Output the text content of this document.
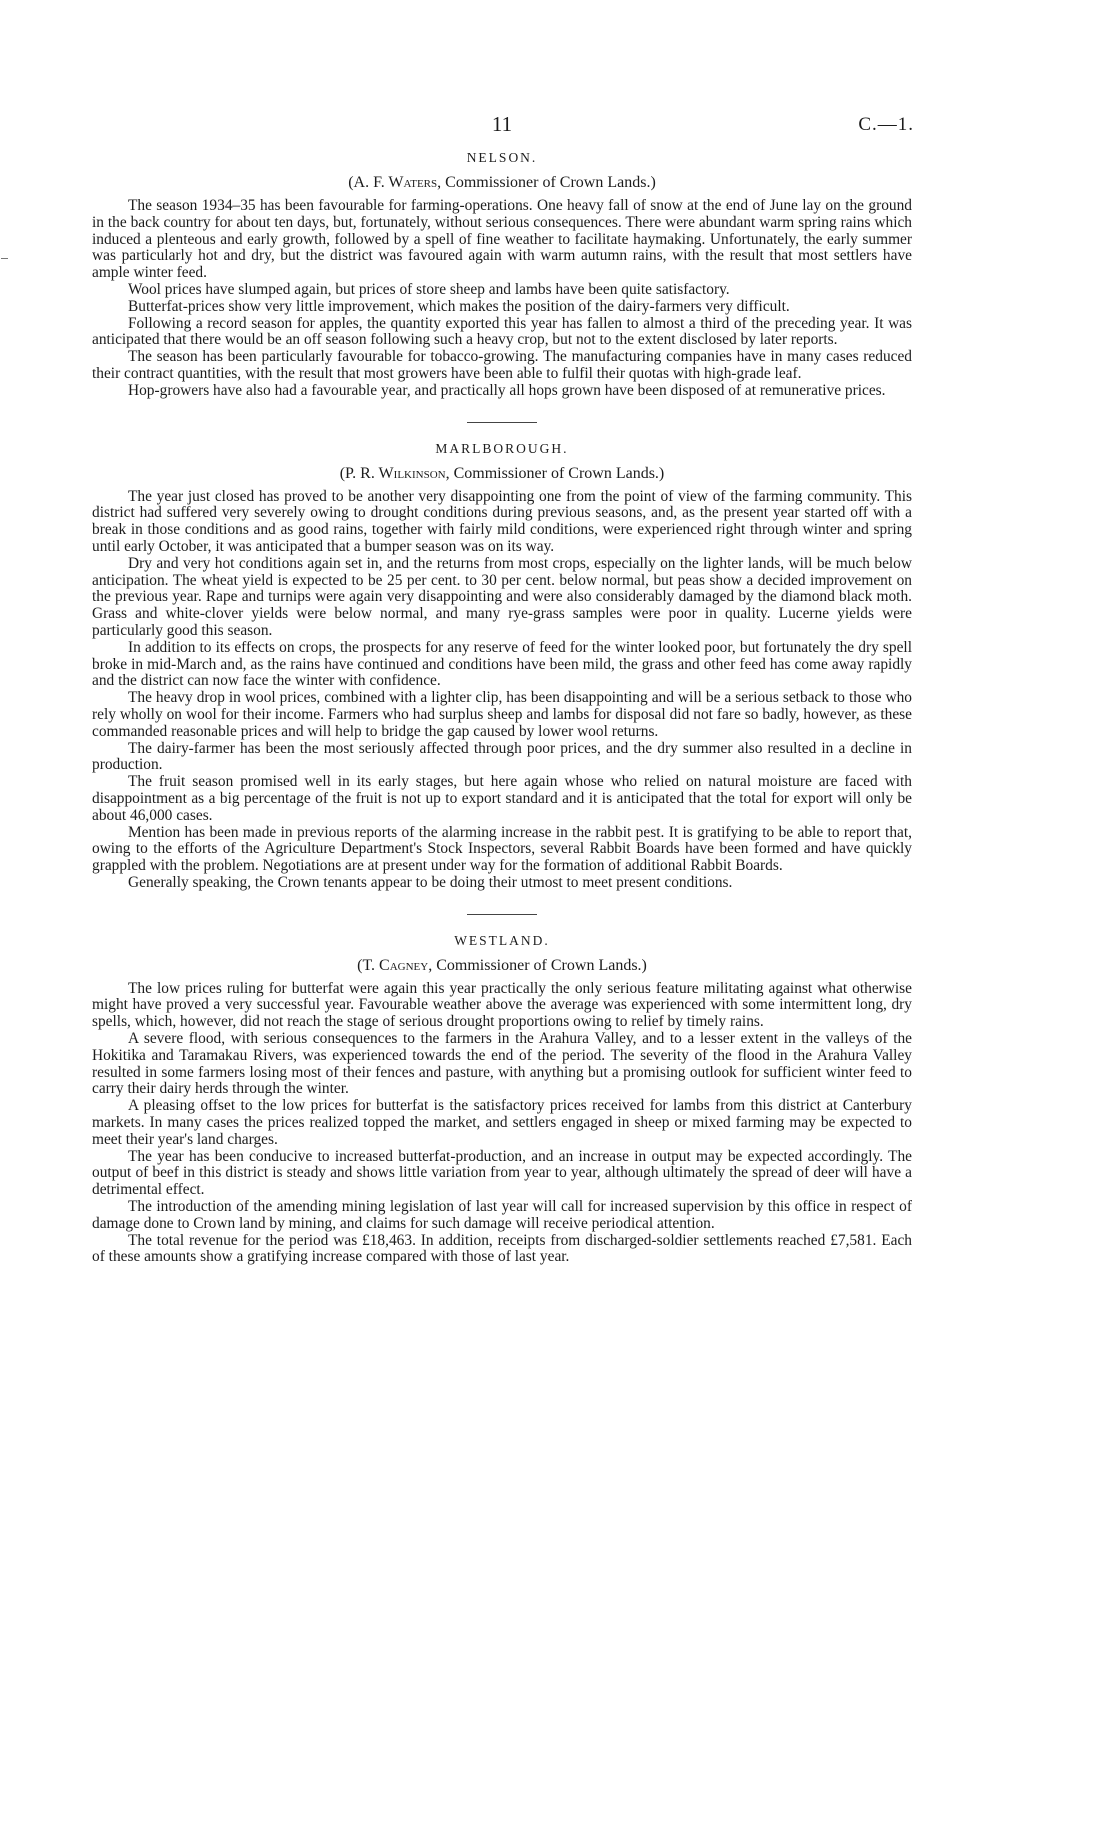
11	C.—1.
NELSON.
(A. F. Waters, Commissioner of Crown Lands.)

The season 1934–35 has been favourable for farming-operations. One heavy fall of snow at the end of June lay on the ground in the back country for about ten days, but, fortunately, without serious consequences. There were abundant warm spring rains which induced a plenteous and early growth, followed by a spell of fine weather to facilitate haymaking. Unfortunately, the early summer was particularly hot and dry, but the district was favoured again with warm autumn rains, with the result that most settlers have ample winter feed.

Wool prices have slumped again, but prices of store sheep and lambs have been quite satisfactory.

Butterfat-prices show very little improvement, which makes the position of the dairy-farmers very difficult.

Following a record season for apples, the quantity exported this year has fallen to almost a third of the preceding year. It was anticipated that there would be an off season following such a heavy crop, but not to the extent disclosed by later reports.

The season has been particularly favourable for tobacco-growing. The manufacturing companies have in many cases reduced their contract quantities, with the result that most growers have been able to fulfil their quotas with high-grade leaf.

Hop-growers have also had a favourable year, and practically all hops grown have been disposed of at remunerative prices.

MARLBOROUGH.
(P. R. Wilkinson, Commissioner of Crown Lands.)

The year just closed has proved to be another very disappointing one from the point of view of the farming community. This district had suffered very severely owing to drought conditions during previous seasons, and, as the present year started off with a break in those conditions and as good rains, together with fairly mild conditions, were experienced right through winter and spring until early October, it was anticipated that a bumper season was on its way.

Dry and very hot conditions again set in, and the returns from most crops, especially on the lighter lands, will be much below anticipation. The wheat yield is expected to be 25 per cent. to 30 per cent. below normal, but peas show a decided improvement on the previous year. Rape and turnips were again very disappointing and were also considerably damaged by the diamond black moth. Grass and white-clover yields were below normal, and many rye-grass samples were poor in quality. Lucerne yields were particularly good this season.

In addition to its effects on crops, the prospects for any reserve of feed for the winter looked poor, but fortunately the dry spell broke in mid-March and, as the rains have continued and conditions have been mild, the grass and other feed has come away rapidly and the district can now face the winter with confidence.

The heavy drop in wool prices, combined with a lighter clip, has been disappointing and will be a serious setback to those who rely wholly on wool for their income. Farmers who had surplus sheep and lambs for disposal did not fare so badly, however, as these commanded reasonable prices and will help to bridge the gap caused by lower wool returns.

The dairy-farmer has been the most seriously affected through poor prices, and the dry summer also resulted in a decline in production.

The fruit season promised well in its early stages, but here again whose who relied on natural moisture are faced with disappointment as a big percentage of the fruit is not up to export standard and it is anticipated that the total for export will only be about 46,000 cases.

Mention has been made in previous reports of the alarming increase in the rabbit pest. It is gratifying to be able to report that, owing to the efforts of the Agriculture Department's Stock Inspectors, several Rabbit Boards have been formed and have quickly grappled with the problem. Negotiations are at present under way for the formation of additional Rabbit Boards.

Generally speaking, the Crown tenants appear to be doing their utmost to meet present conditions.

WESTLAND.
(T. Cagney, Commissioner of Crown Lands.)

The low prices ruling for butterfat were again this year practically the only serious feature militating against what otherwise might have proved a very successful year. Favourable weather above the average was experienced with some intermittent long, dry spells, which, however, did not reach the stage of serious drought proportions owing to relief by timely rains.

A severe flood, with serious consequences to the farmers in the Arahura Valley, and to a lesser extent in the valleys of the Hokitika and Taramakau Rivers, was experienced towards the end of the period. The severity of the flood in the Arahura Valley resulted in some farmers losing most of their fences and pasture, with anything but a promising outlook for sufficient winter feed to carry their dairy herds through the winter.

A pleasing offset to the low prices for butterfat is the satisfactory prices received for lambs from this district at Canterbury markets. In many cases the prices realized topped the market, and settlers engaged in sheep or mixed farming may be expected to meet their year's land charges.

The year has been conducive to increased butterfat-production, and an increase in output may be expected accordingly. The output of beef in this district is steady and shows little variation from year to year, although ultimately the spread of deer will have a detrimental effect.

The introduction of the amending mining legislation of last year will call for increased supervision by this office in respect of damage done to Crown land by mining, and claims for such damage will receive periodical attention.

The total revenue for the period was £18,463. In addition, receipts from discharged-soldier settlements reached £7,581. Each of these amounts show a gratifying increase compared with those of last year.
